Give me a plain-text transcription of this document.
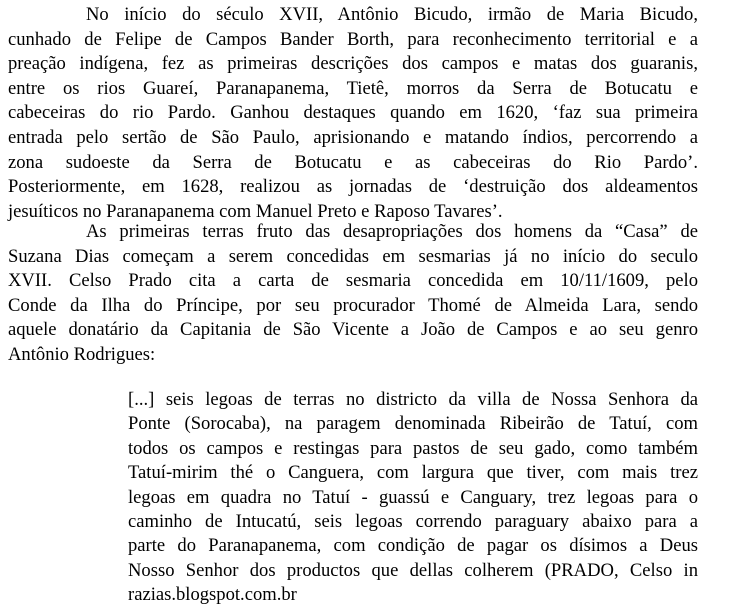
No início do século XVII, Antônio Bicudo, irmão de Maria Bicudo,
cunhado de Felipe de Campos Bander Borth, para reconhecimento territorial e a
preação indígena, fez as primeiras descrições dos campos e matas dos guaranis,
entre os rios Guareí, Paranapanema, Tietê, morros da Serra de Botucatu e
cabeceiras do rio Pardo. Ganhou destaques quando em 1620, ‘faz sua primeira
entrada pelo sertão de São Paulo, aprisionando e matando índios, percorrendo a
zona sudoeste da Serra de Botucatu e as cabeceiras do Rio Pardo’.
Posteriormente, em 1628, realizou as jornadas de ‘destruição dos aldeamentos
jesuíticos no Paranapanema com Manuel Preto e Raposo Tavares’.
As primeiras terras fruto das desapropriações dos homens da “Casa” de
Suzana Dias começam a serem concedidas em sesmarias já no início do seculo
XVII. Celso Prado cita a carta de sesmaria concedida em 10/11/1609, pelo
Conde da Ilha do Príncipe, por seu procurador Thomé de Almeida Lara, sendo
aquele donatário da Capitania de São Vicente a João de Campos e ao seu genro
Antônio Rodrigues:
[...] seis legoas de terras no districto da villa de Nossa Senhora da
Ponte (Sorocaba), na paragem denominada Ribeirão de Tatuí, com
todos os campos e restingas para pastos de seu gado, como também
Tatuí-mirim thé o Canguera, com largura que tiver, com mais trez
legoas em quadra no Tatuí - guassú e Canguary, trez legoas para o
caminho de Intucatú, seis legoas correndo paraguary abaixo para a
parte do Paranapanema, com condição de pagar os dísimos a Deus
Nosso Senhor dos productos que dellas colherem (PRADO, Celso in
razias.blogspot.com.br
